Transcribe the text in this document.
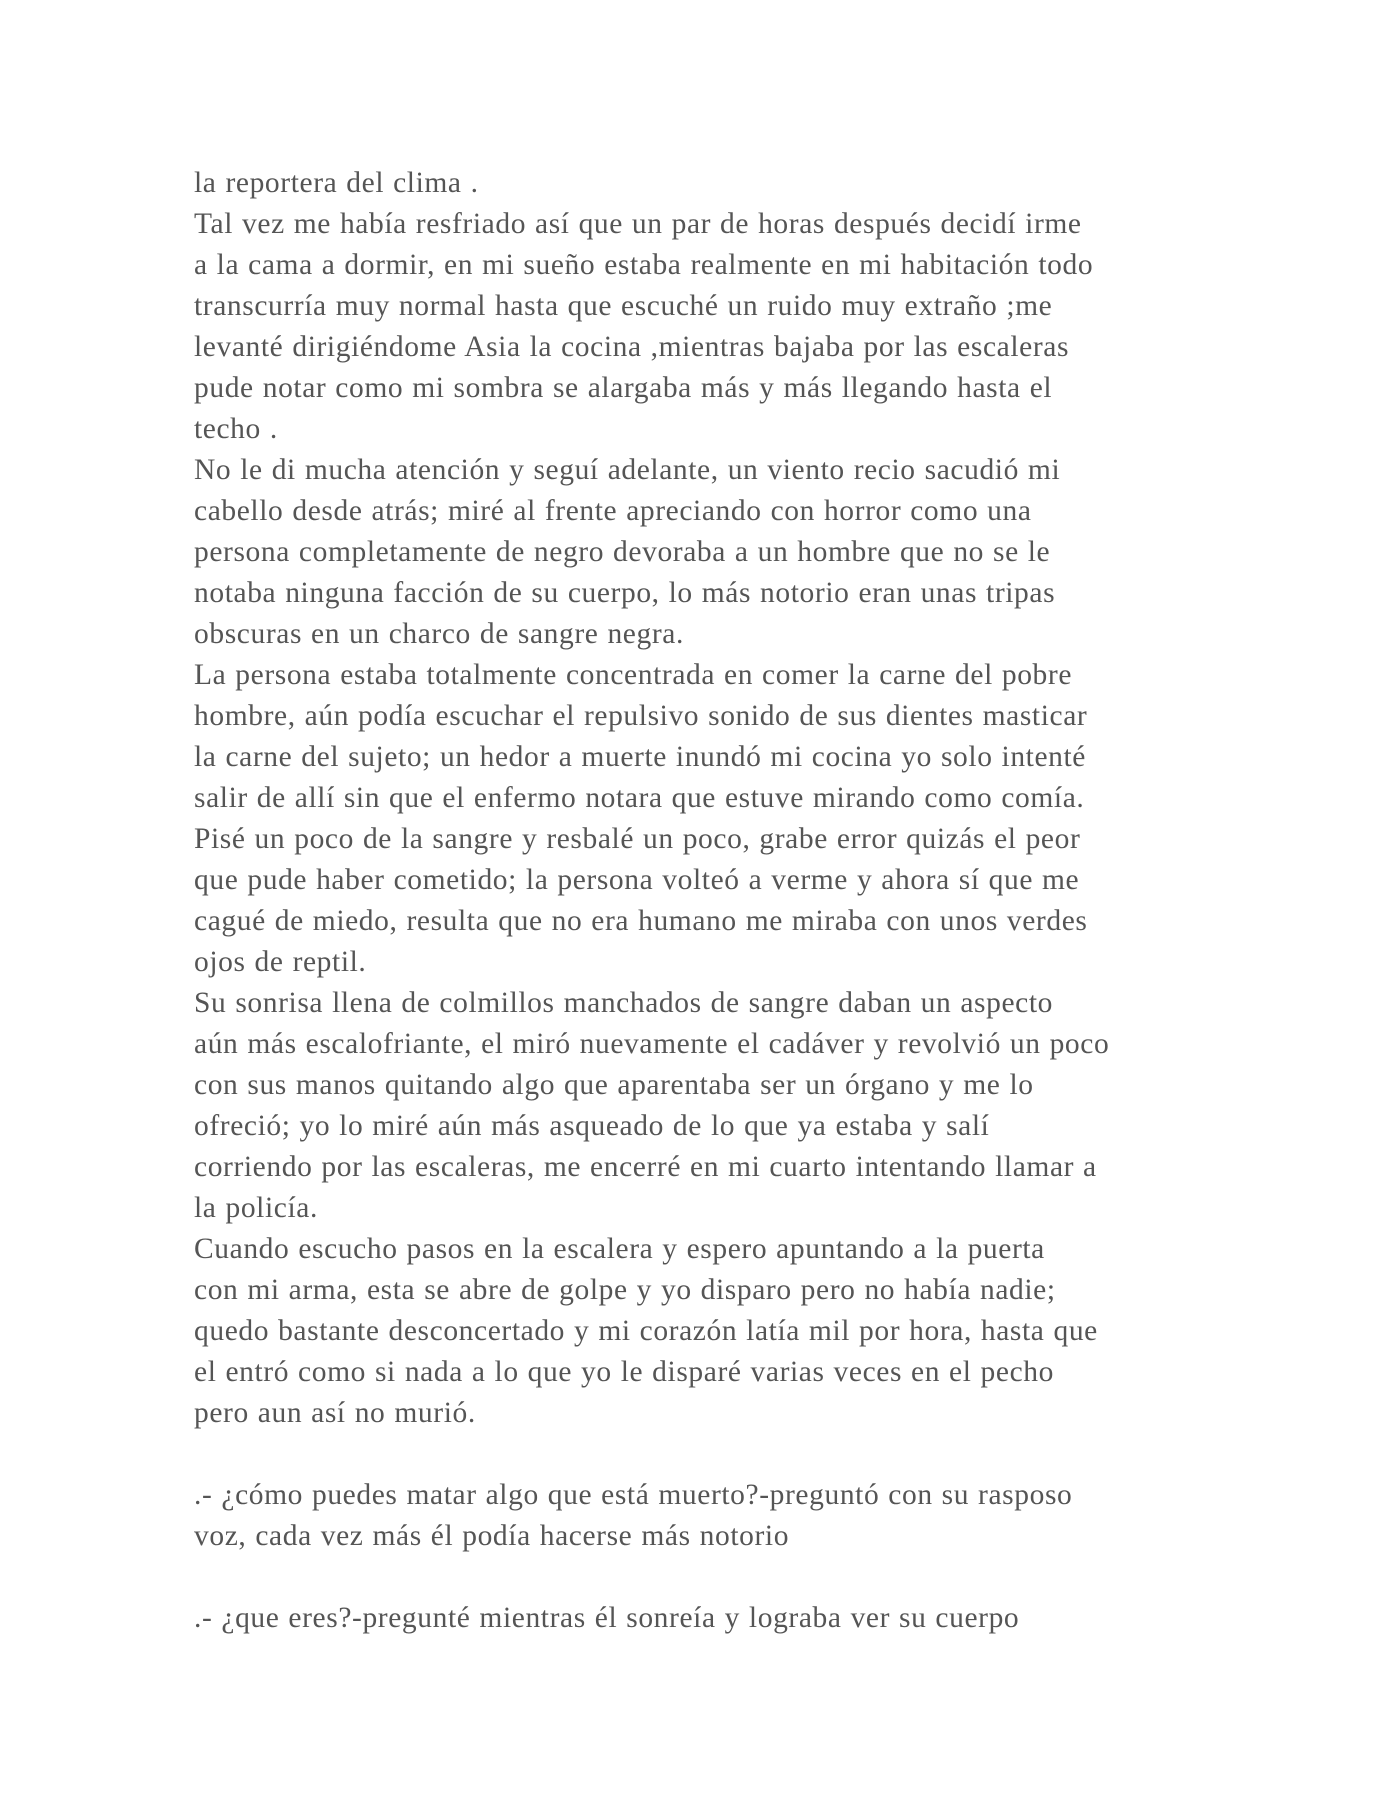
la reportera del clima .
Tal vez me había resfriado así que un par de horas después decidí irme
a la cama a dormir, en mi sueño estaba realmente en mi habitación todo
transcurría muy normal hasta que escuché un ruido muy extraño ;me
levanté dirigiéndome Asia la cocina ,mientras bajaba por las escaleras
pude notar como mi sombra se alargaba más y más llegando hasta el
techo .
No le di mucha atención y seguí adelante, un viento recio sacudió mi
cabello desde atrás; miré al frente apreciando con horror como una
persona completamente de negro devoraba a un hombre que no se le
notaba ninguna facción de su cuerpo, lo más notorio eran unas tripas
obscuras en un charco de sangre negra.
La persona estaba totalmente concentrada en comer la carne del pobre
hombre, aún podía escuchar el repulsivo sonido de sus dientes masticar
la carne del sujeto; un hedor a muerte inundó mi cocina yo solo intenté
salir de allí sin que el enfermo notara que estuve mirando como comía.
Pisé un poco de la sangre y resbalé un poco, grabe error quizás el peor
que pude haber cometido; la persona volteó a verme y ahora sí que me
cagué de miedo, resulta que no era humano me miraba con unos verdes
ojos de reptil.
Su sonrisa llena de colmillos manchados de sangre daban un aspecto
aún más escalofriante, el miró nuevamente el cadáver y revolvió un poco
con sus manos quitando algo que aparentaba ser un órgano y me lo
ofreció; yo lo miré aún más asqueado de lo que ya estaba y salí
corriendo por las escaleras, me encerré en mi cuarto intentando llamar a
la policía.
Cuando escucho pasos en la escalera y espero apuntando a la puerta
con mi arma, esta se abre de golpe y yo disparo pero no había nadie;
quedo bastante desconcertado y mi corazón latía mil por hora, hasta que
el entró como si nada a lo que yo le disparé varias veces en el pecho
pero aun así no murió.
.- ¿cómo puedes matar algo que está muerto?-preguntó con su rasposo
voz, cada vez más él podía hacerse más notorio
.- ¿que eres?-pregunté mientras él sonreía y lograba ver su cuerpo
